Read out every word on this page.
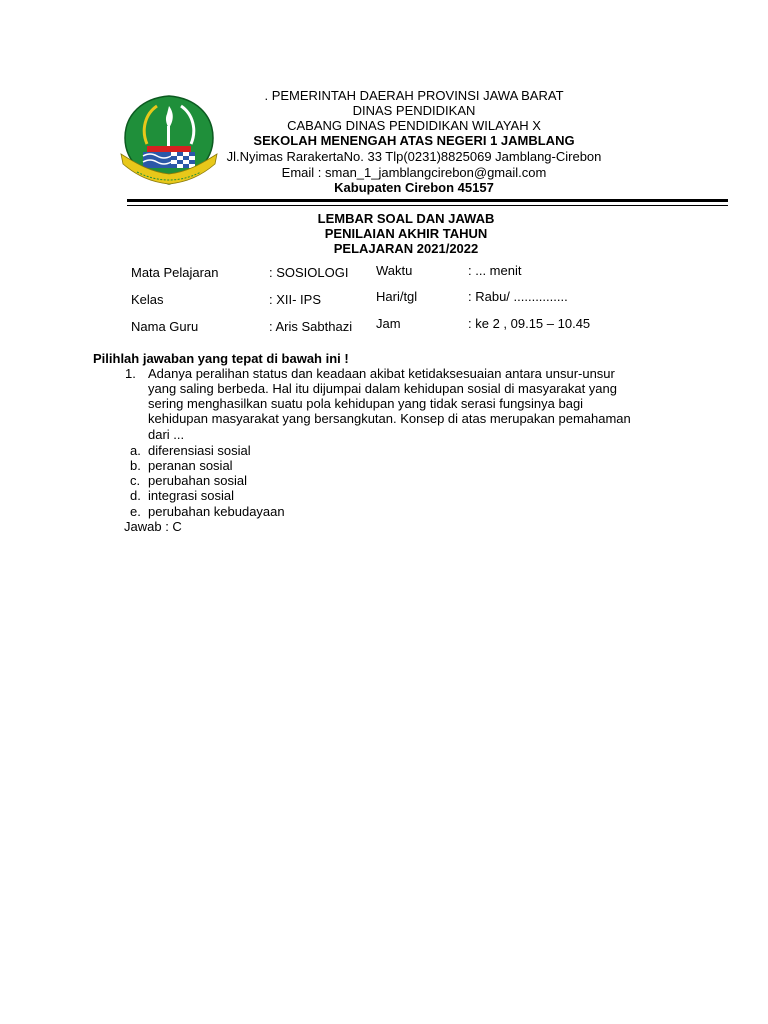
. PEMERINTAH DAERAH PROVINSI JAWA BARAT
DINAS PENDIDIKAN
CABANG DINAS PENDIDIKAN WILAYAH X
SEKOLAH MENENGAH ATAS NEGERI 1 JAMBLANG
Jl.Nyimas RarakertaNo. 33 Tlp(0231)8825069 Jamblang-Cirebon
Email : sman_1_jamblangcirebon@gmail.com
Kabupaten Cirebon 45157
LEMBAR SOAL DAN JAWAB
PENILAIAN AKHIR TAHUN
PELAJARAN 2021/2022
Mata Pelajaran	: SOSIOLOGI
Kelas	: XII- IPS
Nama Guru	: Aris Sabthazi
Waktu	: ... menit
Hari/tgl	: Rabu/ ...............
Jam	: ke 2 , 09.15 – 10.45
Pilihlah jawaban yang tepat di bawah ini !
1. Adanya peralihan status dan keadaan akibat ketidaksesuaian antara unsur-unsur
yang saling berbeda. Hal itu dijumpai dalam kehidupan sosial di masyarakat yang
sering menghasilkan suatu pola kehidupan yang tidak serasi fungsinya bagi
kehidupan masyarakat yang bersangkutan. Konsep di atas merupakan pemahaman
dari ...
a. diferensiasi sosial
b. peranan sosial
c. perubahan sosial
d. integrasi sosial
e. perubahan kebudayaan
Jawab : C
